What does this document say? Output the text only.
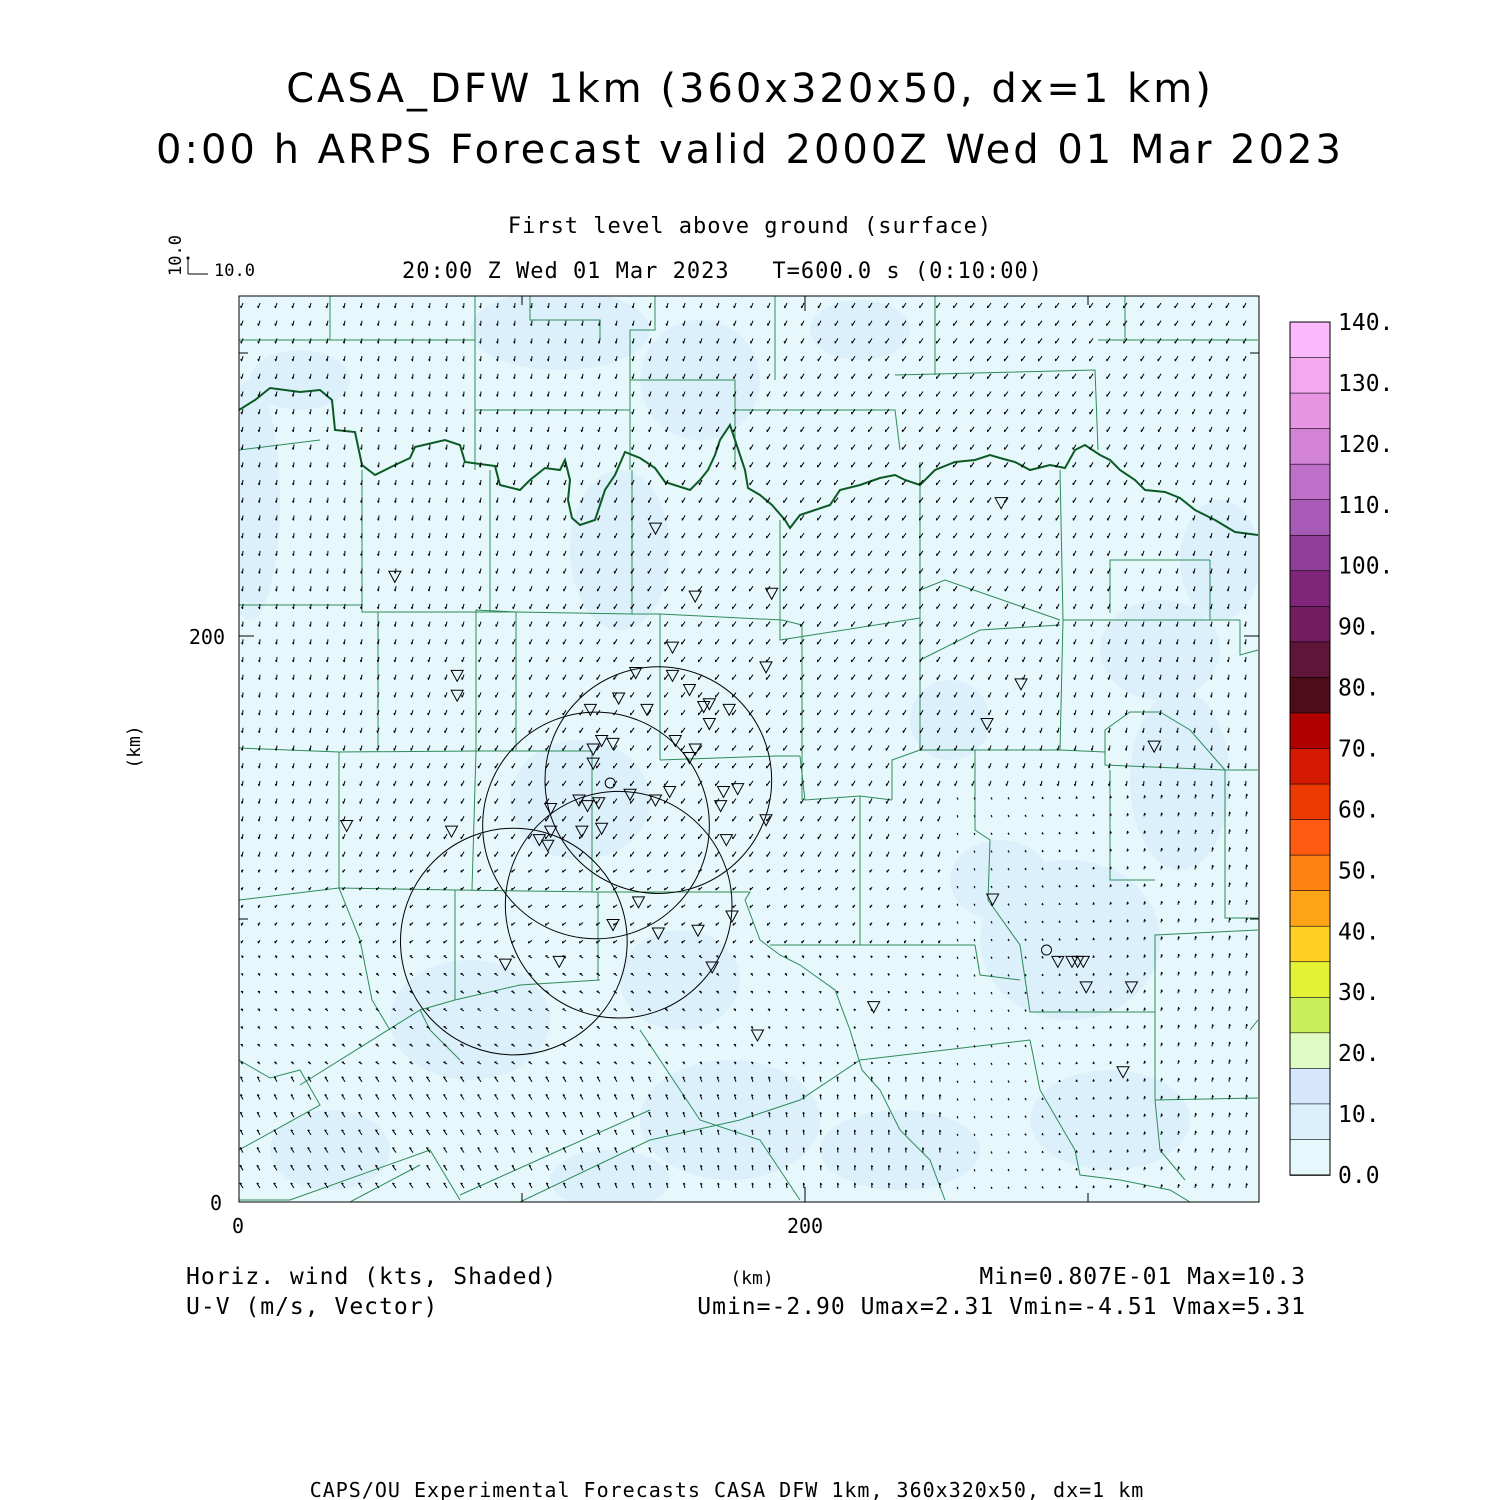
CASA_DFW 1km (360x320x50, dx=1 km)
0:00 h ARPS Forecast valid 2000Z Wed 01 Mar 2023
First level above ground (surface)
20:00 Z Wed 01 Mar 2023   T=600.0 s (0:10:00)
0
200
0	200
(km)
10.0
10.0
140.
130.
120.
110.
100.
90.
80.
70.
60.
50.
40.
30.
20.
10.
0.0
Horiz. wind (kts, Shaded)
U-V (m/s, Vector)
(km)	Min=0.807E-01 Max=10.3
Umin=-2.90 Umax=2.31 Vmin=-4.51 Vmax=5.31
CAPS/OU Experimental Forecasts CASA DFW 1km, 360x320x50, dx=1 km
